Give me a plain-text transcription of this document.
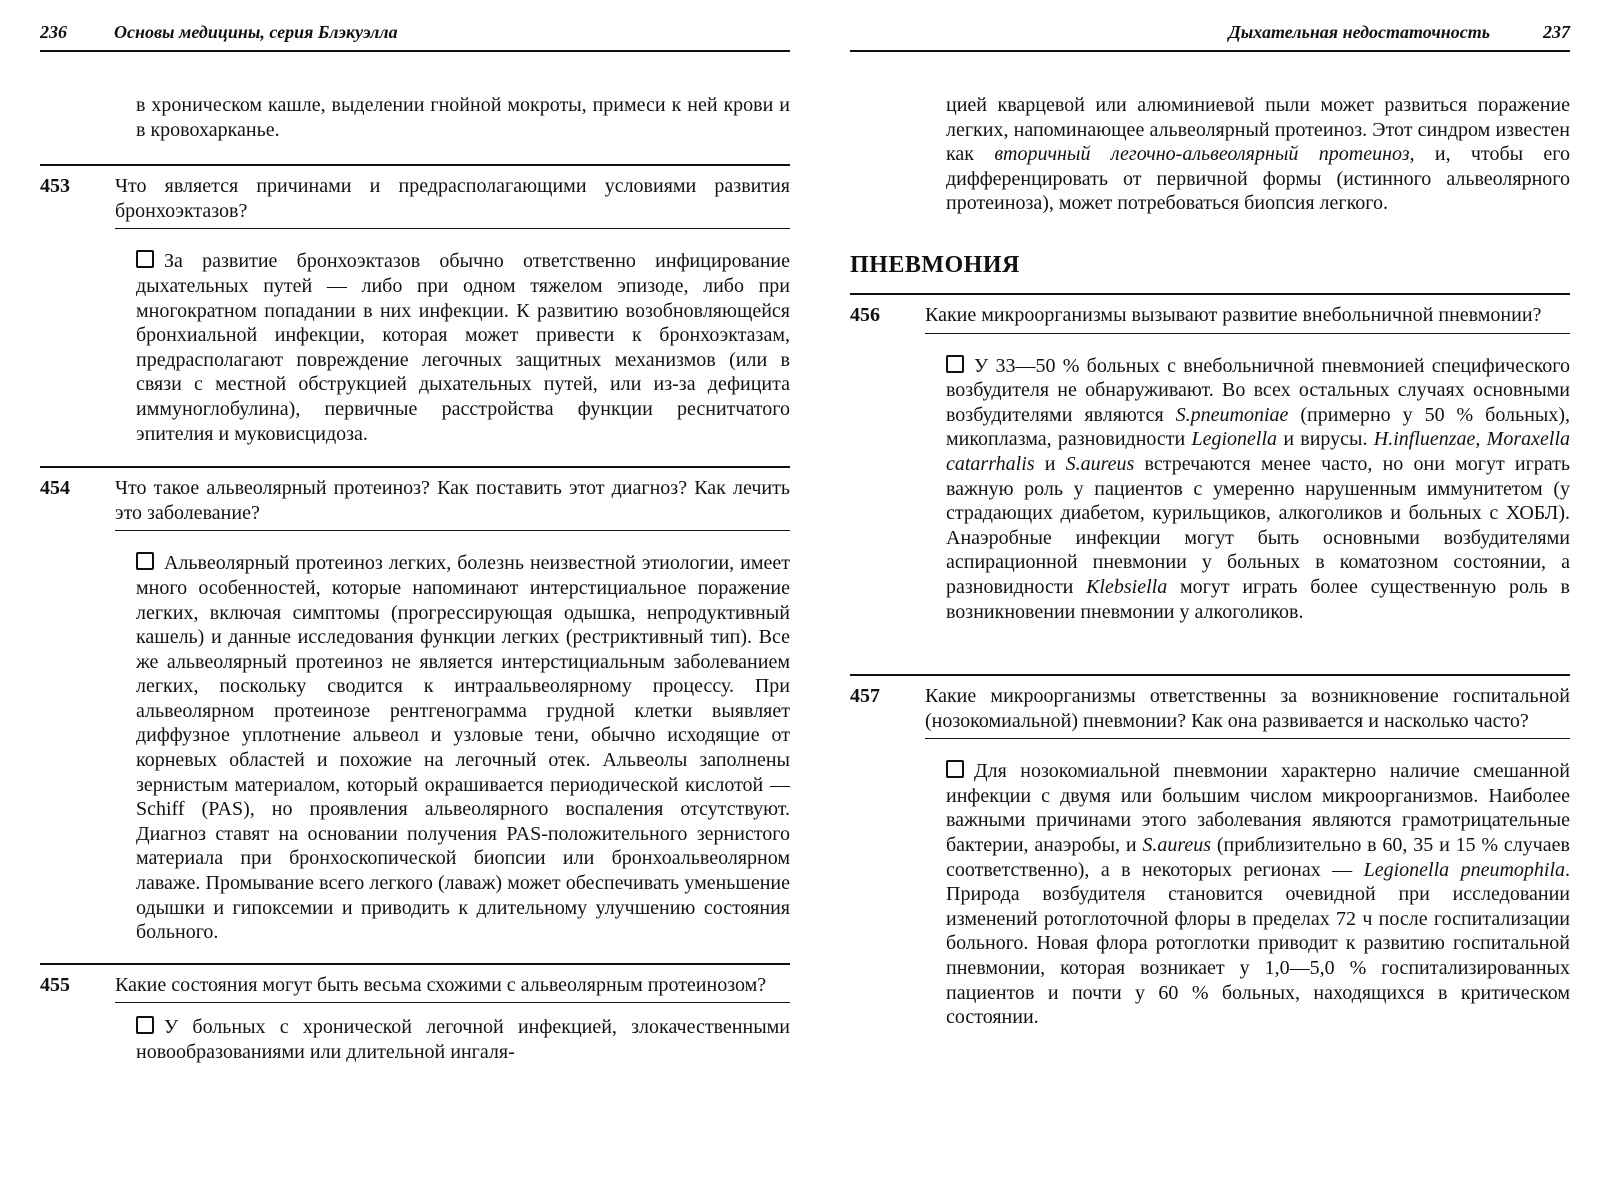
236	Основы медицины, серия Блэкуэлла

в хроническом кашле, выделении гнойной мокроты, примеси к ней крови и в кровохарканье.

453	Что является причинами и предрасполагающими условиями развития бронхоэктазов?

За развитие бронхоэктазов обычно ответственно инфицирование дыхательных путей — либо при одном тяжелом эпизоде, либо при многократном попадании в них инфекции. К развитию возобновляющейся бронхиальной инфекции, которая может привести к бронхоэктазам, предрасполагают повреждение легочных защитных механизмов (или в связи с местной обструкцией дыхательных путей, или из-за дефицита иммуноглобулина), первичные расстройства функции реснитчатого эпителия и муковисцидоза.

454	Что такое альвеолярный протеиноз? Как поставить этот диагноз? Как лечить это заболевание?

Альвеолярный протеиноз легких, болезнь неизвестной этиологии, имеет много особенностей, которые напоминают интерстициальное поражение легких, включая симптомы (прогрессирующая одышка, непродуктивный кашель) и данные исследования функции легких (рестриктивный тип). Все же альвеолярный протеиноз не является интерстициальным заболеванием легких, поскольку сводится к интраальвеолярному процессу. При альвеолярном протеинозе рентгенограмма грудной клетки выявляет диффузное уплотнение альвеол и узловые тени, обычно исходящие от корневых областей и похожие на легочный отек. Альвеолы заполнены зернистым материалом, который окрашивается периодической кислотой — Schiff (PAS), но проявления альвеолярного воспаления отсутствуют. Диагноз ставят на основании получения PAS-положительного зернистого материала при бронхоскопической биопсии или бронхоальвеолярном лаваже. Промывание всего легкого (лаваж) может обеспечивать уменьшение одышки и гипоксемии и приводить к длительному улучшению состояния больного.

455	Какие состояния могут быть весьма схожими с альвеолярным протеинозом?

У больных с хронической легочной инфекцией, злокачественными новообразованиями или длительной ингаля-

Дыхательная недостаточность	237

цией кварцевой или алюминиевой пыли может развиться поражение легких, напоминающее альвеолярный протеиноз. Этот синдром известен как вторичный легочно-альвеолярный протеиноз, и, чтобы его дифференцировать от первичной формы (истинного альвеолярного протеиноза), может потребоваться биопсия легкого.

ПНЕВМОНИЯ
456	Какие микроорганизмы вызывают развитие внебольничной пневмонии?

У 33—50 % больных с внебольничной пневмонией специфического возбудителя не обнаруживают. Во всех остальных случаях основными возбудителями являются S.pneumoniae (примерно у 50 % больных), микоплазма, разновидности Legionella и вирусы. H.influenzae, Moraxella catarrhalis и S.aureus встречаются менее часто, но они могут играть важную роль у пациентов с умеренно нарушенным иммунитетом (у страдающих диабетом, курильщиков, алкоголиков и больных с ХОБЛ). Анаэробные инфекции могут быть основными возбудителями аспирационной пневмонии у больных в коматозном состоянии, а разновидности Klebsiella могут играть более существенную роль в возникновении пневмонии у алкоголиков.

457	Какие микроорганизмы ответственны за возникновение госпитальной (нозокомиальной) пневмонии? Как она развивается и насколько часто?

Для нозокомиальной пневмонии характерно наличие смешанной инфекции с двумя или большим числом микроорганизмов. Наиболее важными причинами этого заболевания являются грамотрицательные бактерии, анаэробы, и S.aureus (приблизительно в 60, 35 и 15 % случаев соответственно), а в некоторых регионах — Legionella pneumophila. Природа возбудителя становится очевидной при исследовании изменений ротоглоточной флоры в пределах 72 ч после госпитализации больного. Новая флора ротоглотки приводит к развитию госпитальной пневмонии, которая возникает у 1,0—5,0 % госпитализированных пациентов и почти у 60 % больных, находящихся в критическом состоянии.
